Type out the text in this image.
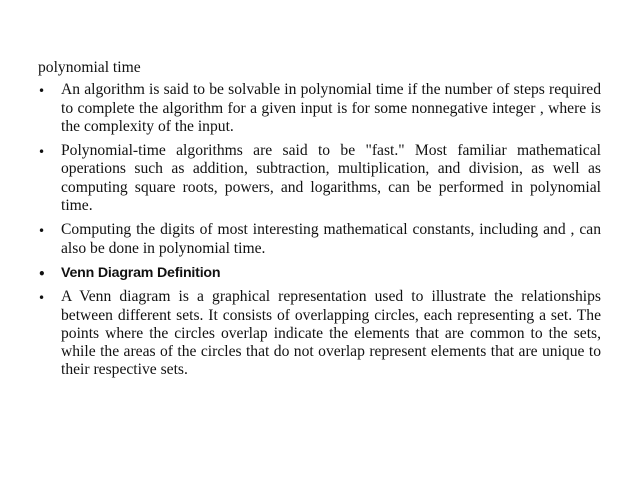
polynomial time
• An algorithm is said to be solvable in polynomial time if the number of steps required to complete the algorithm for a given input is for some nonnegative integer , where is the complexity of the input.
• Polynomial-time algorithms are said to be "fast." Most familiar mathematical operations such as addition, subtraction, multiplication, and division, as well as computing square roots, powers, and logarithms, can be performed in polynomial time.
• Computing the digits of most interesting mathematical constants, including and , can also be done in polynomial time.
• Venn Diagram Definition
• A Venn diagram is a graphical representation used to illustrate the relationships between different sets. It consists of overlapping circles, each representing a set. The points where the circles overlap indicate the elements that are common to the sets, while the areas of the circles that do not overlap represent elements that are unique to their respective sets.
